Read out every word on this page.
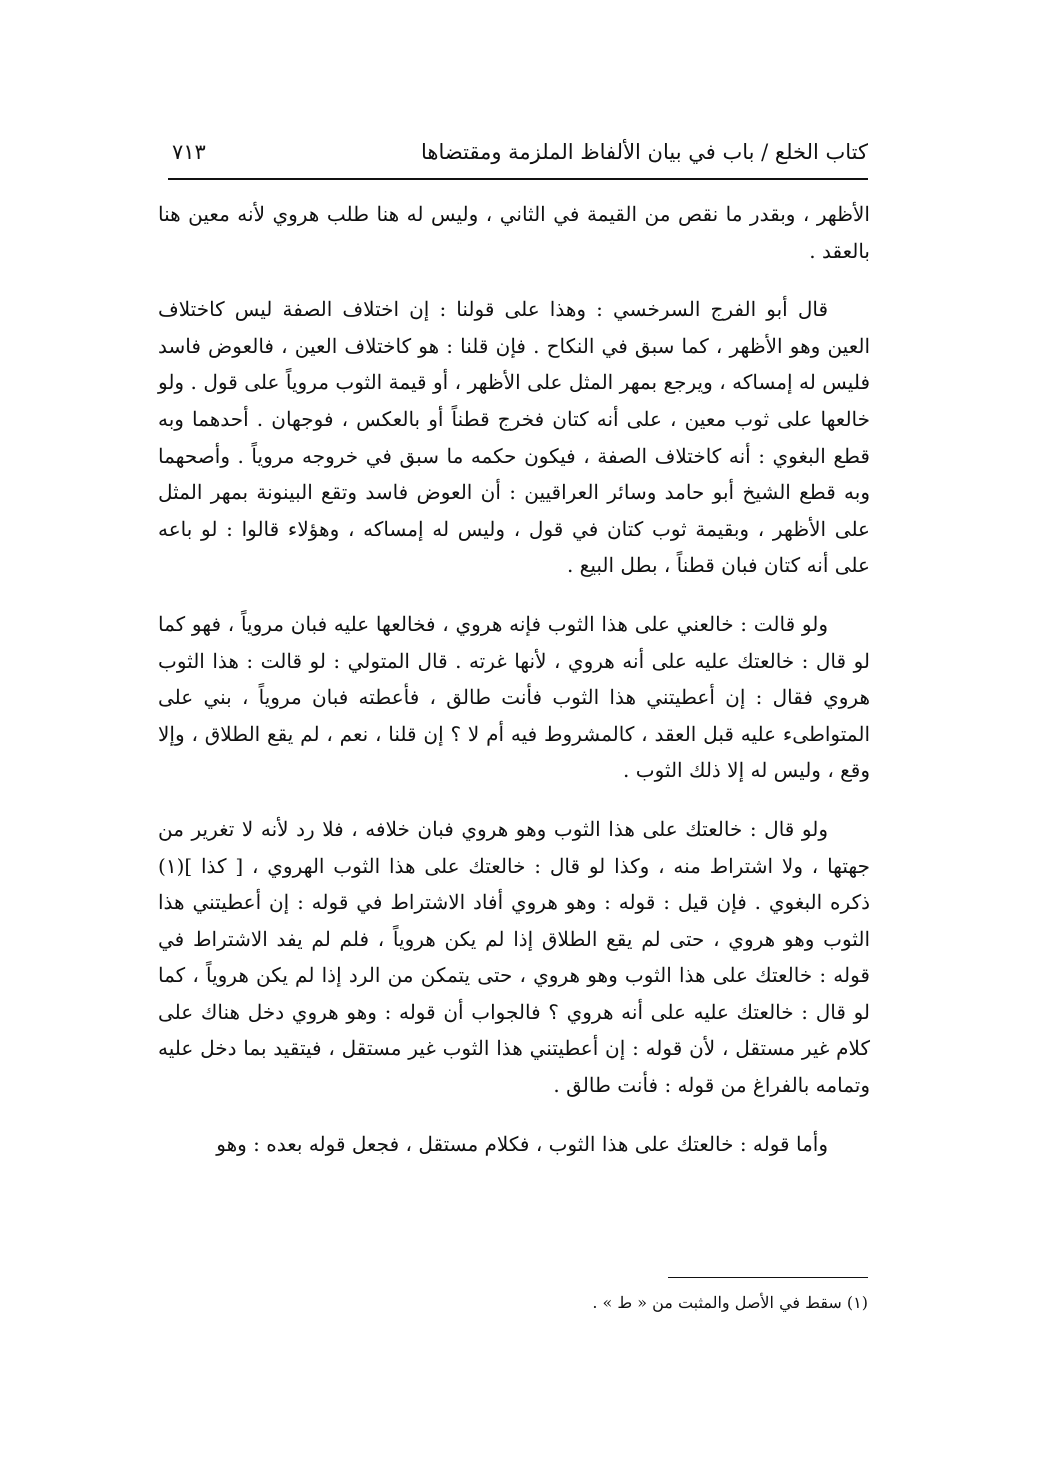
كتاب الخلع / باب في بيان الألفاظ الملزمة ومقتضاها
٧١٣

الأظهر ، وبقدر ما نقص من القيمة في الثاني ، وليس له هنا طلب هروي لأنه معين هنا بالعقد .

قال أبو الفرج السرخسي : وهذا على قولنا : إن اختلاف الصفة ليس كاختلاف العين وهو الأظهر ، كما سبق في النكاح . فإن قلنا : هو كاختلاف العين ، فالعوض فاسد فليس له إمساكه ، ويرجع بمهر المثل على الأظهر ، أو قيمة الثوب مروياً على قول . ولو خالعها على ثوب معين ، على أنه كتان فخرج قطناً أو بالعكس ، فوجهان . أحدهما وبه قطع البغوي : أنه كاختلاف الصفة ، فيكون حكمه ما سبق في خروجه مروياً . وأصحهما وبه قطع الشيخ أبو حامد وسائر العراقيين : أن العوض فاسد وتقع البينونة بمهر المثل على الأظهر ، وبقيمة ثوب كتان في قول ، وليس له إمساكه ، وهؤلاء قالوا : لو باعه على أنه كتان فبان قطناً ، بطل البيع .

ولو قالت : خالعني على هذا الثوب فإنه هروي ، فخالعها عليه فبان مروياً ، فهو كما لو قال : خالعتك عليه على أنه هروي ، لأنها غرته . قال المتولي : لو قالت : هذا الثوب هروي فقال : إن أعطيتني هذا الثوب فأنت طالق ، فأعطته فبان مروياً ، بني على المتواطىء عليه قبل العقد ، كالمشروط فيه أم لا ؟ إن قلنا ، نعم ، لم يقع الطلاق ، وإلا وقع ، وليس له إلا ذلك الثوب .

ولو قال : خالعتك على هذا الثوب وهو هروي فبان خلافه ، فلا رد لأنه لا تغرير من جهتها ، ولا اشتراط منه ، وكذا لو قال : خالعتك على هذا الثوب الهروي ، [ كذا ](١) ذكره البغوي . فإن قيل : قوله : وهو هروي أفاد الاشتراط في قوله : إن أعطيتني هذا الثوب وهو هروي ، حتى لم يقع الطلاق إذا لم يكن هروياً ، فلم لم يفد الاشتراط في قوله : خالعتك على هذا الثوب وهو هروي ، حتى يتمكن من الرد إذا لم يكن هروياً ، كما لو قال : خالعتك عليه على أنه هروي ؟ فالجواب أن قوله : وهو هروي دخل هناك على كلام غير مستقل ، لأن قوله : إن أعطيتني هذا الثوب غير مستقل ، فيتقيد بما دخل عليه وتمامه بالفراغ من قوله : فأنت طالق .

وأما قوله : خالعتك على هذا الثوب ، فكلام مستقل ، فجعل قوله بعده : وهو

(١) سقط في الأصل والمثبت من « ط » .
